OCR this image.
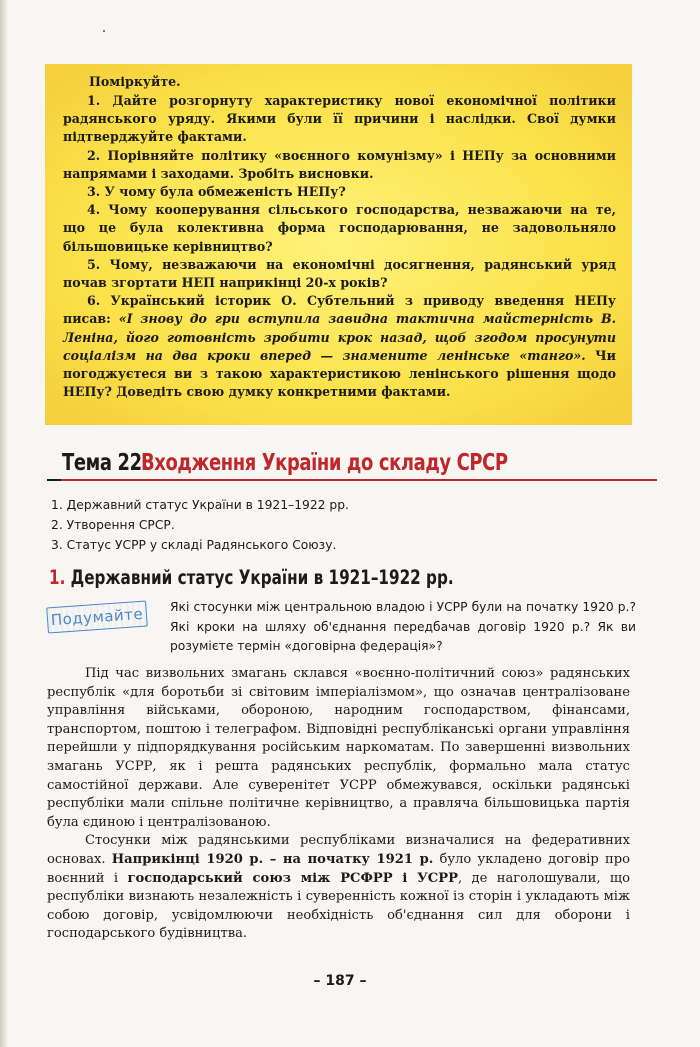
Поміркуйте.

1. Дайте розгорнуту характеристику нової економічної політики радянського уряду. Якими були її причини і наслідки. Свої думки підтверджуйте фактами.

2. Порівняйте політику «воєнного комунізму» і НЕПу за основними напрямами і заходами. Зробіть висновки.

3. У чому була обмеженість НЕПу?

4. Чому кооперування сільського господарства, незважаючи на те, що це була колективна форма господарювання, не задовольняло більшовицьке керівництво?

5. Чому, незважаючи на економічні досягнення, радянський уряд почав згортати НЕП наприкінці 20-х років?

6. Український історик О. Субтельний з приводу введення НЕПу писав: «І знову до гри вступила завидна тактична майстерність В. Леніна, його готовність зробити крок назад, щоб згодом просунути соціалізм на два кроки вперед — знамените ленінське «танго». Чи погоджуєтеся ви з такою характеристикою ленінського рішення щодо НЕПу? Доведіть свою думку конкретними фактами.

Тема 22.
Входження України до складу СРСР
1. Державний статус України в 1921–1922 рр.
2. Утворення СРСР.
3. Статус УСРР у складі Радянського Союзу.
1. Державний статус України в 1921–1922 рр.
Подумайте	Які стосунки між центральною владою і УСРР були на початку 1920 р.? Які кроки на шляху об'єднання передбачав договір 1920 р.? Як ви розумієте термін «договірна федерація»?

Під час визвольних змагань склався «воєнно-політичний союз» радянських республік «для боротьби зі світовим імперіалізмом», що означав централізоване управління військами, обороною, народним господарством, фінансами, транспортом, поштою і телеграфом. Відповідні республіканські органи управління перейшли у підпорядкування російським наркоматам. По завершенні визвольних змагань УСРР, як і решта радянських республік, формально мала статус самостійної держави. Але суверенітет УСРР обмежувався, оскільки радянські республіки мали спільне політичне керівництво, а правляча більшовицька партія була єдиною і централізованою.

Стосунки між радянськими республіками визначалися на федеративних основах. Наприкінці 1920 р. – на початку 1921 р. було укладено договір про воєнний і господарський союз між РСФРР і УСРР, де наголошували, що республіки визнають незалежність і суверенність кожної із сторін і укладають між собою договір, усвідомлюючи необхідність об'єднання сил для оборони і господарського будівництва.

– 187 –
